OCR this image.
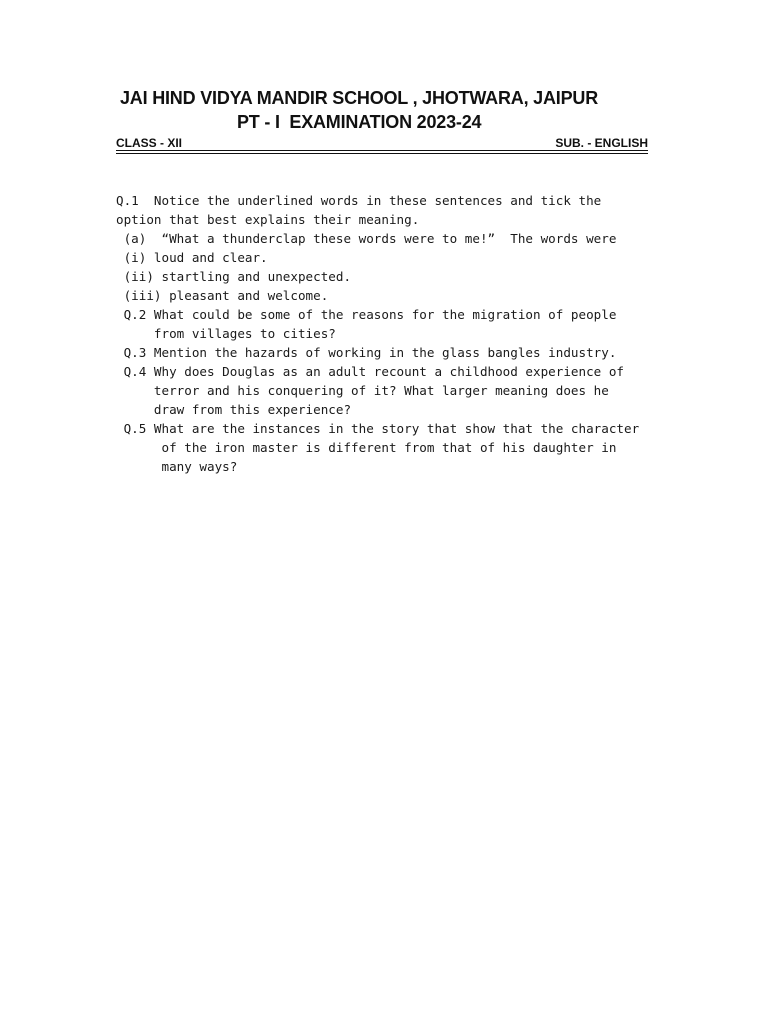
JAI HIND VIDYA MANDIR SCHOOL , JHOTWARA, JAIPUR
PT - I  EXAMINATION 2023-24
CLASS - XII	SUB. - ENGLISH
Q.1  Notice the underlined words in these sentences and tick the
option that best explains their meaning.
(a)  “What a thunderclap these words were to me!”  The words were
(i) loud and clear.
(ii) startling and unexpected.
(iii) pleasant and welcome.
Q.2 What could be some of the reasons for the migration of people
from villages to cities?
Q.3 Mention the hazards of working in the glass bangles industry.
Q.4 Why does Douglas as an adult recount a childhood experience of
terror and his conquering of it? What larger meaning does he
draw from this experience?
Q.5 What are the instances in the story that show that the character
of the iron master is different from that of his daughter in
many ways?
